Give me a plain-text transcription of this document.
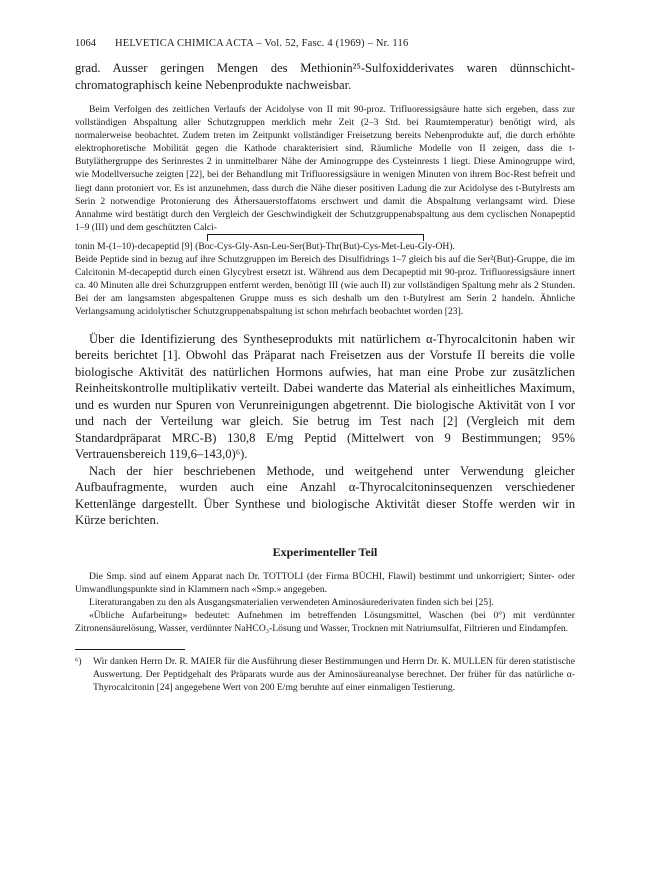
1064	HELVETICA CHIMICA ACTA – Vol. 52, Fasc. 4 (1969) – Nr. 116

grad. Ausser geringen Mengen des Methionin²⁵-Sulfoxidderivates waren dünnschicht-chromatographisch keine Nebenprodukte nachweisbar.

Beim Verfolgen des zeitlichen Verlaufs der Acidolyse von II mit 90-proz. Trifluoressigsäure hatte sich ergeben, dass zur vollständigen Abspaltung aller Schutzgruppen merklich mehr Zeit (2–3 Std. bei Raumtemperatur) benötigt wird, als normalerweise beobachtet. Zudem treten im Zeitpunkt vollständiger Freisetzung bereits Nebenprodukte auf, die durch erhöhte elektrophoretische Mobilität gegen die Kathode charakterisiert sind. Räumliche Modelle von II zeigen, dass die t-Butyläthergruppe des Serinrestes 2 in unmittelbarer Nähe der Aminogruppe des Cysteinrests 1 liegt. Diese Aminogruppe wird, wie Modellversuche zeigten [22], bei der Behandlung mit Trifluoressigsäure in wenigen Minuten von ihrem Boc-Rest befreit und liegt dann protoniert vor. Es ist anzunehmen, dass durch die Nähe dieser positiven Ladung die zur Acidolyse des t-Butylrests am Serin 2 notwendige Protonierung des Äthersauerstoffatoms erschwert und damit die Abspaltung verlangsamt wird. Diese Annahme wird bestätigt durch den Vergleich der Geschwindigkeit der Schutzgruppenabspaltung aus dem cyclischen Nonapeptid 1–9 (III) und dem geschützten Calci-

tonin M-(1–10)-decapeptid [9] (Boc-Cys-Gly-Asn-Leu-Ser(But)-Thr(But)-Cys-Met-Leu-Gly-OH).

Beide Peptide sind in bezug auf ihre Schutzgruppen im Bereich des Disulfidrings 1–7 gleich bis auf die Ser²(But)-Gruppe, die im Calcitonin M-decapeptid durch einen Glycylrest ersetzt ist. Während aus dem Decapeptid mit 90-proz. Trifluoressigsäure innert ca. 40 Minuten alle drei Schutzgruppen entfernt werden, benötigt III (wie auch II) zur vollständigen Spaltung mehr als 2 Stunden. Bei der am langsamsten abgespaltenen Gruppe muss es sich deshalb um den t-Butylrest am Serin 2 handeln. Ähnliche Verlangsamung acidolytischer Schutzgruppenabspaltung ist schon mehrfach beobachtet worden [23].

Über die Identifizierung des Syntheseprodukts mit natürlichem α-Thyrocalcitonin haben wir bereits berichtet [1]. Obwohl das Präparat nach Freisetzen aus der Vorstufe II bereits die volle biologische Aktivität des natürlichen Hormons aufwies, hat man eine Probe zur zusätzlichen Reinheitskontrolle multiplikativ verteilt. Dabei wanderte das Material als einheitliches Maximum, und es wurden nur Spuren von Verunreinigungen abgetrennt. Die biologische Aktivität von I vor und nach der Verteilung war gleich. Sie betrug im Test nach [2] (Vergleich mit dem Standardpräparat MRC-B) 130,8 E/mg Peptid (Mittelwert von 9 Bestimmungen; 95% Vertrauensbereich 119,6–143,0)⁶).

Nach der hier beschriebenen Methode, und weitgehend unter Verwendung gleicher Aufbaufragmente, wurden auch eine Anzahl α-Thyrocalcitoninsequenzen verschiedener Kettenlänge dargestellt. Über Synthese und biologische Aktivität dieser Stoffe werden wir in Kürze berichten.

Experimenteller Teil

Die Smp. sind auf einem Apparat nach Dr. TOTTOLI (der Firma BÜCHI, Flawil) bestimmt und unkorrigiert; Sinter- oder Umwandlungspunkte sind in Klammern nach «Smp.» angegeben.

Literaturangaben zu den als Ausgangsmaterialien verwendeten Aminosäurederivaten finden sich bei [25].

«Übliche Aufarbeitung» bedeutet: Aufnehmen im betreffenden Lösungsmittel, Waschen (bei 0°) mit verdünnter Zitronensäurelösung, Wasser, verdünnter NaHCO₃-Lösung und Wasser, Trocknen mit Natriumsulfat, Filtrieren und Eindampfen.

⁶)	Wir danken Herrn Dr. R. MAIER für die Ausführung dieser Bestimmungen und Herrn Dr. K. MULLEN für deren statistische Auswertung. Der Peptidgehalt des Präparats wurde aus der Aminosäureanalyse berechnet. Der früher für das natürliche α-Thyrocalcitonin [24] angegebene Wert von 200 E/mg beruhte auf einer einmaligen Testierung.
